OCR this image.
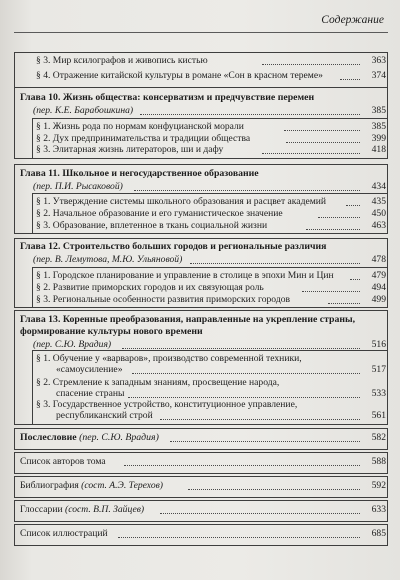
Содержание
§ 3. Мир ксилографов и живопись кистью	363
§ 4. Отражение китайской культуры в романе «Сон в красном тереме»	374
Глава 10. Жизнь общества: консерватизм и предчувствие перемен
(пер. К.Е. Барабошкина)	385
§ 1. Жизнь рода по нормам конфуцианской морали	385
§ 2. Дух предпринимательства и традиции общества	399
§ 3. Элитарная жизнь литераторов, ши и дафу	418
Глава 11. Школьное и негосударственное образование
(пер. П.И. Рысаковой)	434
§ 1. Утверждение системы школьного образования и расцвет академий	435
§ 2. Начальное образование и его гуманистическое значение	450
§ 3. Образование, вплетенное в ткань социальной жизни	463
Глава 12. Строительство больших городов и региональные различия
(пер. В. Лемутова, М.Ю. Ульяновой)	478
§ 1. Городское планирование и управление в столице в эпохи Мин и Цин	479
§ 2. Развитие приморских городов и их связующая роль	494
§ 3. Региональные особенности развития приморских городов	499
Глава 13. Коренные преобразования, направленные на укрепление страны,
формирование культуры нового времени
(пер. С.Ю. Врадия)	516
§ 1. Обучение у «варваров», производство современной техники,
«самоусиление»	517
§ 2. Стремление к западным знаниям, просвещение народа,
спасение страны	533
§ 3. Государственное устройство, конституционное управление,
республиканский строй	561
Послесловие (пер. С.Ю. Врадия)	582
Список авторов тома	588
Библиография (сост. А.Э. Терехов)	592
Глоссарии (сост. В.П. Зайцев)	633
Список иллюстраций	685
